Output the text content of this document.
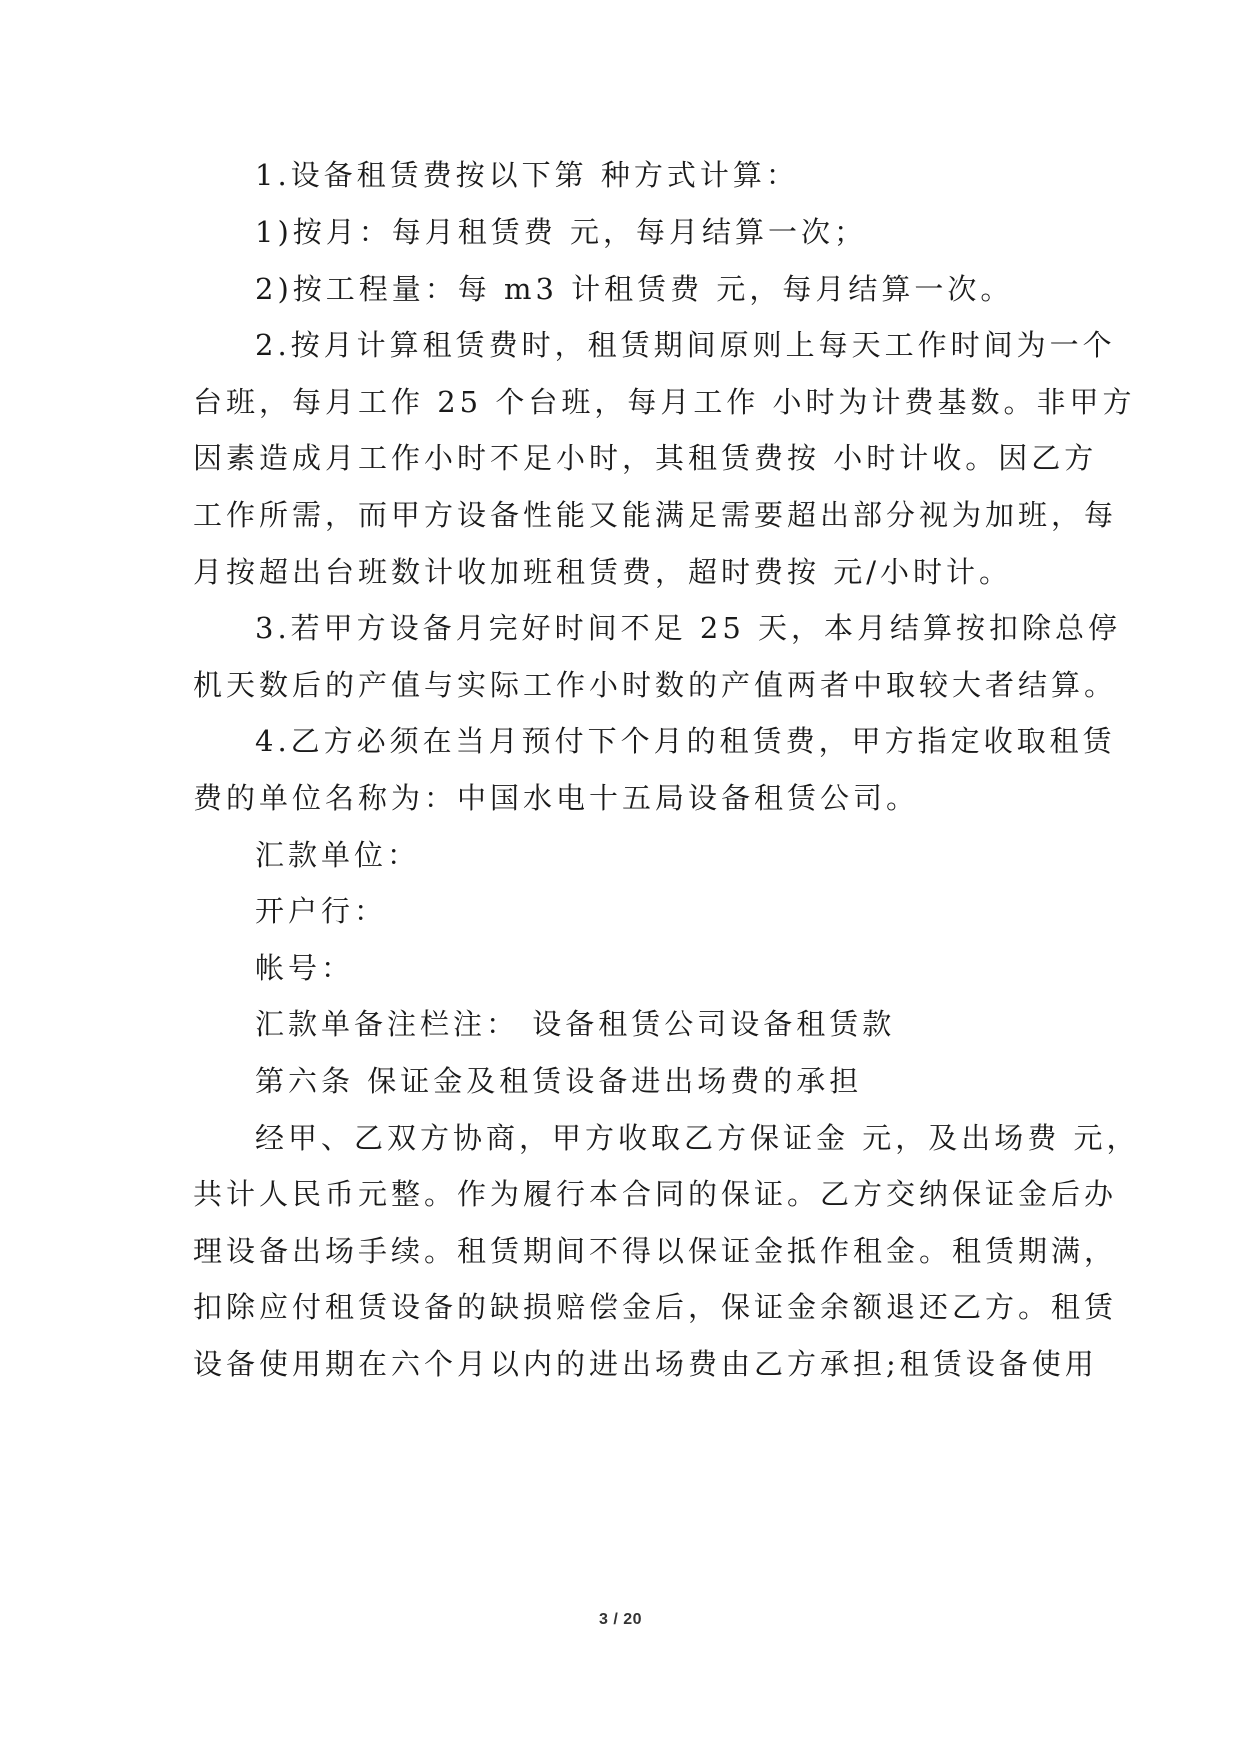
1.设备租赁费按以下第 种方式计算：
1)按月：每月租赁费 元，每月结算一次；
2)按工程量：每 m3 计租赁费 元，每月结算一次。
2.按月计算租赁费时，租赁期间原则上每天工作时间为一个
台班，每月工作 25 个台班，每月工作 小时为计费基数。非甲方
因素造成月工作小时不足小时，其租赁费按 小时计收。因乙方
工作所需，而甲方设备性能又能满足需要超出部分视为加班，每
月按超出台班数计收加班租赁费，超时费按 元/小时计。
3.若甲方设备月完好时间不足 25 天，本月结算按扣除总停
机天数后的产值与实际工作小时数的产值两者中取较大者结算。
4.乙方必须在当月预付下个月的租赁费，甲方指定收取租赁
费的单位名称为：中国水电十五局设备租赁公司。
汇款单位：
开户行：
帐号：
汇款单备注栏注： 设备租赁公司设备租赁款
第六条 保证金及租赁设备进出场费的承担
经甲、乙双方协商，甲方收取乙方保证金 元，及出场费 元，
共计人民币元整。作为履行本合同的保证。乙方交纳保证金后办
理设备出场手续。租赁期间不得以保证金抵作租金。租赁期满，
扣除应付租赁设备的缺损赔偿金后，保证金余额退还乙方。租赁
设备使用期在六个月以内的进出场费由乙方承担;租赁设备使用
3 / 20
